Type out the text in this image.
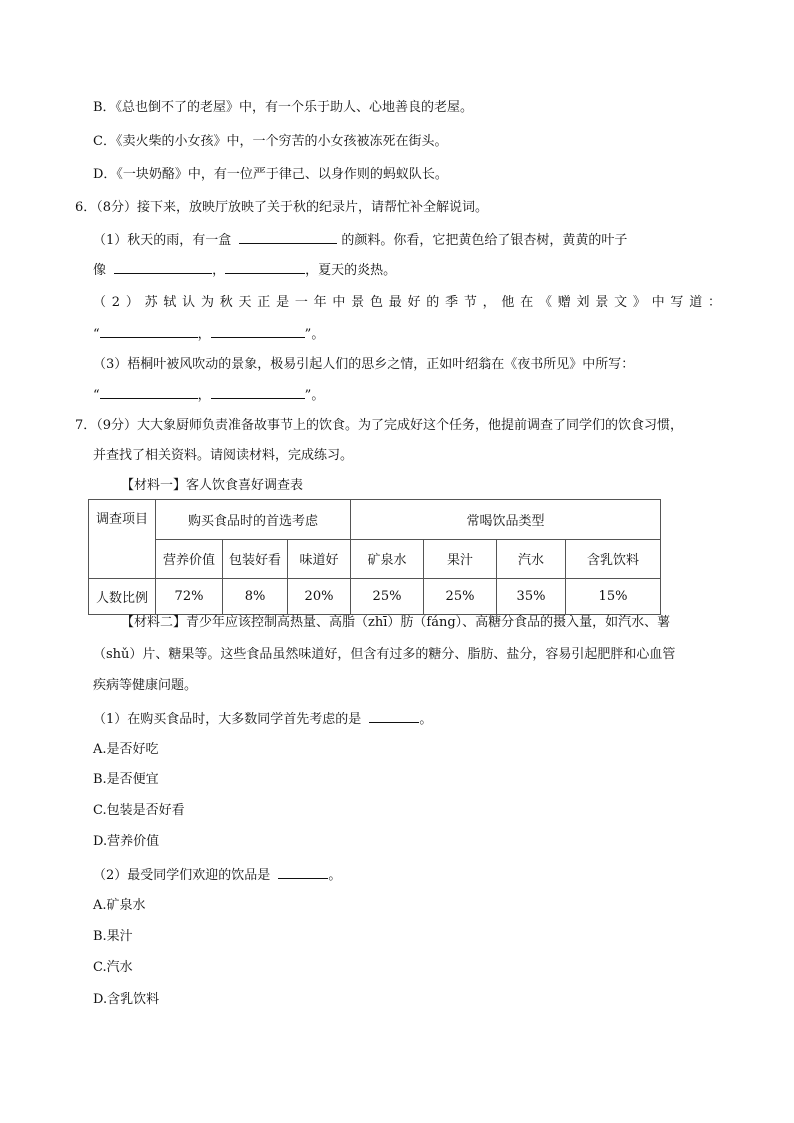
B．《总也倒不了的老屋》中，有一个乐于助人、心地善良的老屋。
C．《卖火柴的小女孩》中，一个穷苦的小女孩被冻死在街头。
D．《一块奶酪》中，有一位严于律己、以身作则的蚂蚁队长。
6．（8分）接下来，放映厅放映了关于秋的纪录片，请帮忙补全解说词。
（1）秋天的雨，有一盒	的颜料。你看，它把黄色给了银杏树，黄黄的叶子
像	，	，夏天的炎热。
（2）苏轼认为秋天正是一年中景色最好的季节，他在《赠刘景文》中写道：
“	，	”。
（3）梧桐叶被风吹动的景象，极易引起人们的思乡之情，正如叶绍翁在《夜书所见》中所写：
“	，	”。
7．（9分）大大象厨师负责准备故事节上的饮食。为了完成好这个任务，他提前调查了同学们的饮食习惯，
并查找了相关资料。请阅读材料，完成练习。
【材料一】客人饮食喜好调查表
调查项目	购买食品时的首选考虑			常喝饮品类型			
	营养价值	包装好看	味道好	矿泉水	果汁	汽水	含乳饮料
人数比例	72%	8%	20%	25%	25%	35%	15%
【材料二】青少年应该控制高热量、高脂（zhī）肪（fáng）、高糖分食品的摄入量，如汽水、薯
（shǔ）片、糖果等。这些食品虽然味道好，但含有过多的糖分、脂肪、盐分，容易引起肥胖和心血管
疾病等健康问题。
（1）在购买食品时，大多数同学首先考虑的是	。
A.是否好吃
B.是否便宜
C.包装是否好看
D.营养价值
（2）最受同学们欢迎的饮品是	。
A.矿泉水
B.果汁
C.汽水
D.含乳饮料
